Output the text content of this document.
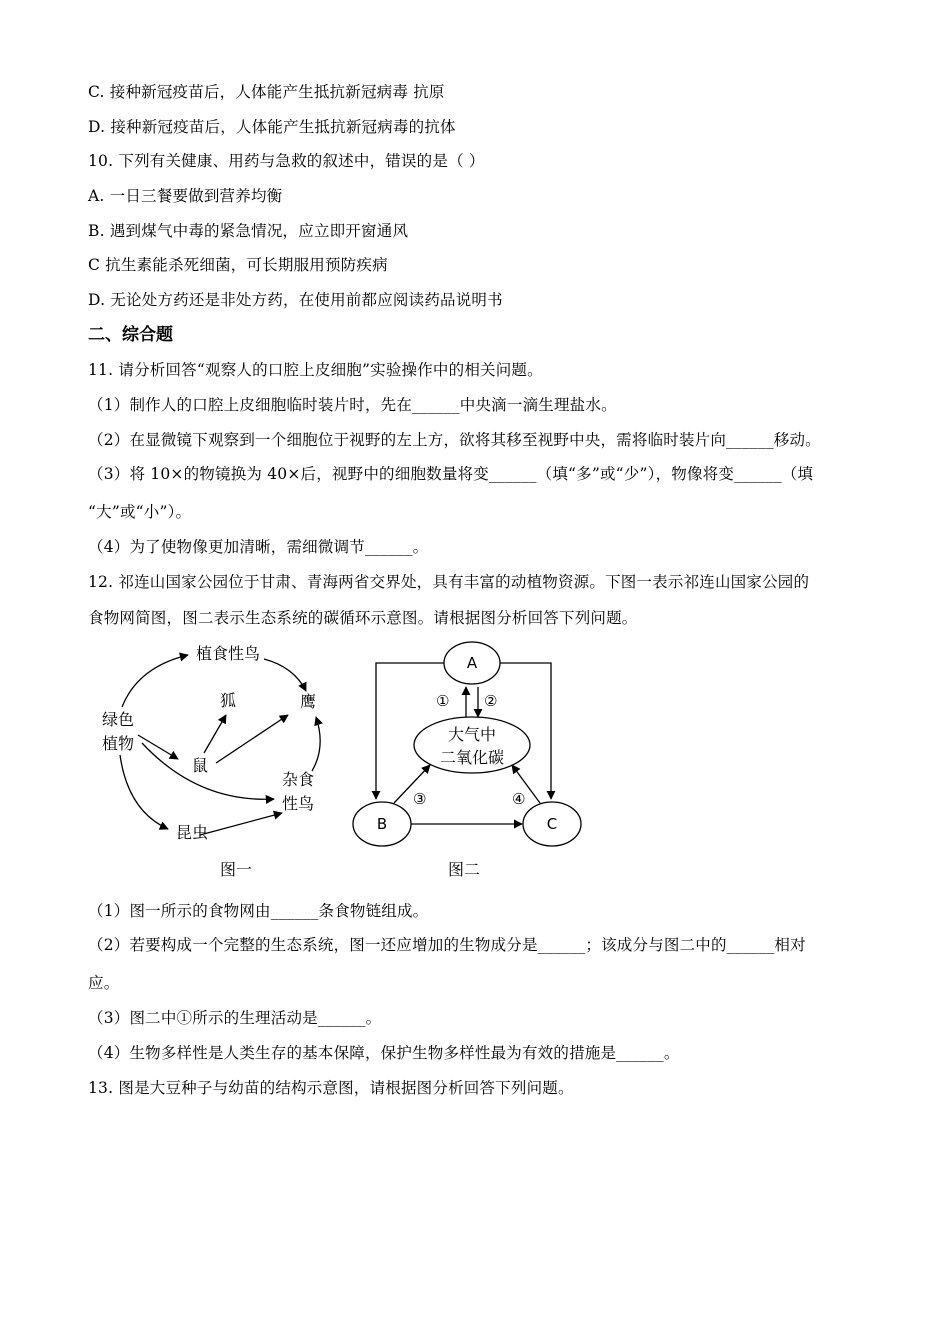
C. 接种新冠疫苗后，人体能产生抵抗新冠病毒 抗原
D. 接种新冠疫苗后，人体能产生抵抗新冠病毒的抗体
10. 下列有关健康、用药与急救的叙述中，错误的是（ ）
A. 一日三餐要做到营养均衡
B. 遇到煤气中毒的紧急情况，应立即开窗通风
C 抗生素能杀死细菌，可长期服用预防疾病
D. 无论处方药还是非处方药，在使用前都应阅读药品说明书
二、综合题
11. 请分析回答“观察人的口腔上皮细胞”实验操作中的相关问题。
（1）制作人的口腔上皮细胞临时装片时，先在______中央滴一滴生理盐水。
（2）在显微镜下观察到一个细胞位于视野的左上方，欲将其移至视野中央，需将临时装片向______移动。
（3）将 10×的物镜换为 40×后，视野中的细胞数量将变______（填“多”或“少”），物像将变______（填
“大”或“小”）。
（4）为了使物像更加清晰，需细微调节______。
12. 祁连山国家公园位于甘肃、青海两省交界处，具有丰富的动植物资源。下图一表示祁连山国家公园的
食物网简图，图二表示生态系统的碳循环示意图。请根据图分析回答下列问题。
绿色
植物
植食性鸟
狐	鹰
鼠
杂食
性鸟
昆虫
图一
A
B	C
大气中
二氧化碳
① ②
③	④
图二
（1）图一所示的食物网由______条食物链组成。
（2）若要构成一个完整的生态系统，图一还应增加的生物成分是______；该成分与图二中的______相对
应。
（3）图二中①所示的生理活动是______。
（4）生物多样性是人类生存的基本保障，保护生物多样性最为有效的措施是______。
13. 图是大豆种子与幼苗的结构示意图，请根据图分析回答下列问题。
